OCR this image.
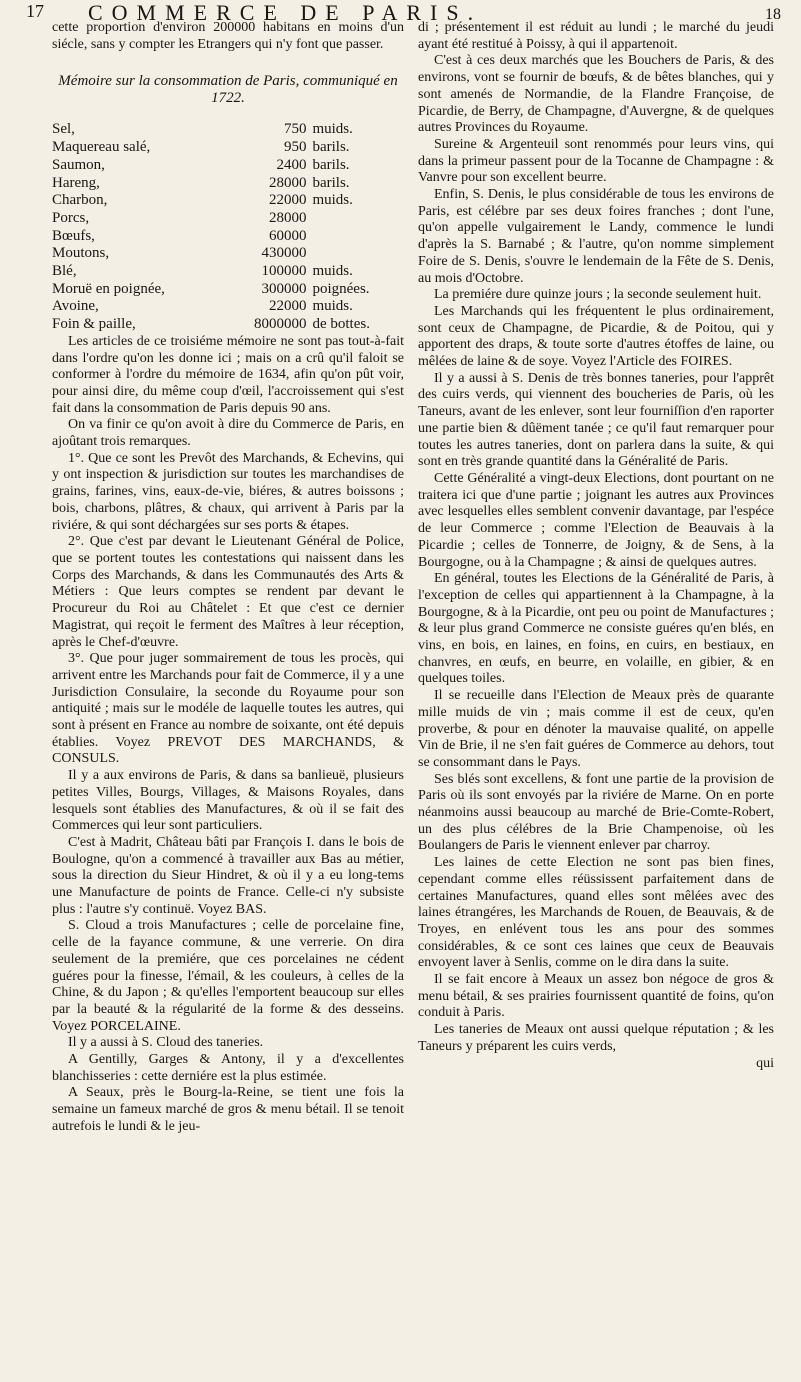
17 COMMERCE DE PARIS.	18

cette proportion d'environ 200000 habitans en moins d'un siécle, sans y compter les Etrangers qui n'y font que passer.

Mémoire sur la consommation de Paris, communiqué en 1722.
Sel,	750	muids.
Maquereau salé,	950	barils.
Saumon,	2400	barils.
Hareng,	28000	barils.
Charbon,	22000	muids.
Porcs,	28000	
Bœufs,	60000	
Moutons,	430000	
Blé,	100000	muids.
Moruë en poignée,	300000	poignées.
Avoine,	22000	muids.
Foin & paille,	8000000	de bottes.

Les articles de ce troisiéme mémoire ne sont pas tout-à-fait dans l'ordre qu'on les donne ici ; mais on a crû qu'il faloit se conformer à l'ordre du mémoire de 1634, afin qu'on pût voir, pour ainsi dire, du même coup d'œil, l'accroissement qui s'est fait dans la consommation de Paris depuis 90 ans.

On va finir ce qu'on avoit à dire du Commerce de Paris, en ajoûtant trois remarques.

1°. Que ce sont les Prevôt des Marchands, & Echevins, qui y ont inspection & jurisdiction sur toutes les marchandises de grains, farines, vins, eaux-de-vie, biéres, & autres boissons ; bois, charbons, plâtres, & chaux, qui arrivent à Paris par la riviére, & qui sont déchargées sur ses ports & étapes.

2°. Que c'est par devant le Lieutenant Général de Police, que se portent toutes les contestations qui naissent dans les Corps des Marchands, & dans les Communautés des Arts & Métiers : Que leurs comptes se rendent par devant le Procureur du Roi au Châtelet : Et que c'est ce dernier Magistrat, qui reçoit le ferment des Maîtres à leur réception, après le Chef-d'œuvre.

3°. Que pour juger sommairement de tous les procès, qui arrivent entre les Marchands pour fait de Commerce, il y a une Jurisdiction Consulaire, la seconde du Royaume pour son antiquité ; mais sur le modéle de laquelle toutes les autres, qui sont à présent en France au nombre de soixante, ont été depuis établies. Voyez PREVOT DES MARCHANDS, & CONSULS.

Il y a aux environs de Paris, & dans sa banlieuë, plusieurs petites Villes, Bourgs, Villages, & Maisons Royales, dans lesquels sont établies des Manufactures, & où il se fait des Commerces qui leur sont particuliers.

C'est à Madrit, Château bâti par François I. dans le bois de Boulogne, qu'on a commencé à travailler aux Bas au métier, sous la direction du Sieur Hindret, & où il y a eu long-tems une Manufacture de points de France. Celle-ci n'y subsiste plus : l'autre s'y continuë. Voyez BAS.

S. Cloud a trois Manufactures ; celle de porcelaine fine, celle de la fayance commune, & une verrerie. On dira seulement de la premiére, que ces porcelaines ne cédent guéres pour la finesse, l'émail, & les couleurs, à celles de la Chine, & du Japon ; & qu'elles l'emportent beaucoup sur elles par la beauté & la régularité de la forme & des desseins. Voyez PORCELAINE.

Il y a aussi à S. Cloud des taneries.

A Gentilly, Garges & Antony, il y a d'excellentes blanchisseries : cette derniére est la plus estimée.

A Seaux, près le Bourg-la-Reine, se tient une fois la semaine un fameux marché de gros & menu bétail. Il se tenoit autrefois le lundi & le jeu-

di ; présentement il est réduit au lundi ; le marché du jeudi ayant été restitué à Poissy, à qui il appartenoit.

C'est à ces deux marchés que les Bouchers de Paris, & des environs, vont se fournir de bœufs, & de bêtes blanches, qui y sont amenés de Normandie, de la Flandre Françoise, de Picardie, de Berry, de Champagne, d'Auvergne, & de quelques autres Provinces du Royaume.

Sureine & Argenteuil sont renommés pour leurs vins, qui dans la primeur passent pour de la Tocanne de Champagne : & Vanvre pour son excellent beurre.

Enfin, S. Denis, le plus considérable de tous les environs de Paris, est célébre par ses deux foires franches ; dont l'une, qu'on appelle vulgairement le Landy, commence le lundi d'après la S. Barnabé ; & l'autre, qu'on nomme simplement Foire de S. Denis, s'ouvre le lendemain de la Fête de S. Denis, au mois d'Octobre.

La premiére dure quinze jours ; la seconde seulement huit.

Les Marchands qui les fréquentent le plus ordinairement, sont ceux de Champagne, de Picardie, & de Poitou, qui y apportent des draps, & toute sorte d'autres étoffes de laine, ou mêlées de laine & de soye. Voyez l'Article des FOIRES.

Il y a aussi à S. Denis de très bonnes taneries, pour l'apprêt des cuirs verds, qui viennent des boucheries de Paris, où les Taneurs, avant de les enlever, sont leur fourniſſion d'en raporter une partie bien & dûëment tanée ; ce qu'il faut remarquer pour toutes les autres taneries, dont on parlera dans la suite, & qui sont en très grande quantité dans la Généralité de Paris.

Cette Généralité a vingt-deux Elections, dont pourtant on ne traitera ici que d'une partie ; joignant les autres aux Provinces avec lesquelles elles semblent convenir davantage, par l'espéce de leur Commerce ; comme l'Election de Beauvais à la Picardie ; celles de Tonnerre, de Joigny, & de Sens, à la Bourgogne, ou à la Champagne ; & ainsi de quelques autres.

En général, toutes les Elections de la Généralité de Paris, à l'exception de celles qui appartiennent à la Champagne, à la Bourgogne, & à la Picardie, ont peu ou point de Manufactures ; & leur plus grand Commerce ne consiste guéres qu'en blés, en vins, en bois, en laines, en foins, en cuirs, en bestiaux, en chanvres, en œufs, en beurre, en volaille, en gibier, & en quelques toiles.

Il se recueille dans l'Election de Meaux près de quarante mille muids de vin ; mais comme il est de ceux, qu'en proverbe, & pour en dénoter la mauvaise qualité, on appelle Vin de Brie, il ne s'en fait guéres de Commerce au dehors, tout se consommant dans le Pays.

Ses blés sont excellens, & font une partie de la provision de Paris où ils sont envoyés par la riviére de Marne. On en porte néanmoins aussi beaucoup au marché de Brie-Comte-Robert, un des plus célébres de la Brie Champenoise, où les Boulangers de Paris le viennent enlever par charroy.

Les laines de cette Election ne sont pas bien fines, cependant comme elles réüssissent parfaitement dans de certaines Manufactures, quand elles sont mêlées avec des laines étrangéres, les Marchands de Rouen, de Beauvais, & de Troyes, en enlévent tous les ans pour des sommes considérables, & ce sont ces laines que ceux de Beauvais envoyent laver à Senlis, comme on le dira dans la suite.

Il se fait encore à Meaux un assez bon négoce de gros & menu bétail, & ses prairies fournissent quantité de foins, qu'on conduit à Paris.

Les taneries de Meaux ont aussi quelque réputation ; & les Taneurs y préparent les cuirs verds,

qui
